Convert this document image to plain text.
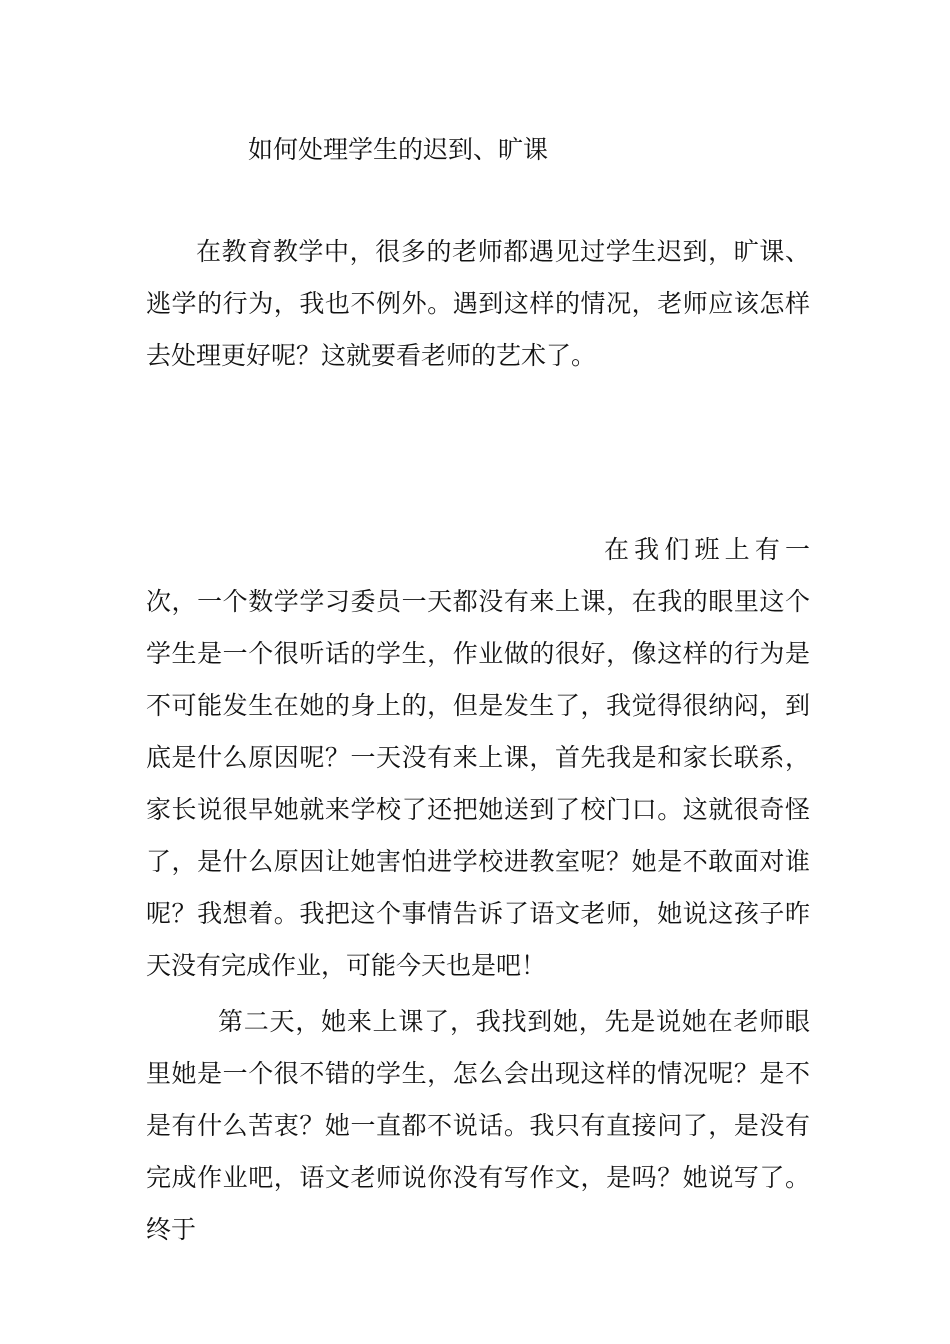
如何处理学生的迟到、旷课

在教育教学中，很多的老师都遇见过学生迟到，旷课、逃学的行为，我也不例外。遇到这样的情况，老师应该怎样去处理更好呢？这就要看老师的艺术了。

在我们班上有一次，一个数学学习委员一天都没有来上课，在我的眼里这个学生是一个很听话的学生，作业做的很好，像这样的行为是不可能发生在她的身上的，但是发生了，我觉得很纳闷，到底是什么原因呢？一天没有来上课，首先我是和家长联系，家长说很早她就来学校了还把她送到了校门口。这就很奇怪了，是什么原因让她害怕进学校进教室呢？她是不敢面对谁呢？我想着。我把这个事情告诉了语文老师，她说这孩子昨天没有完成作业，可能今天也是吧！

第二天，她来上课了，我找到她，先是说她在老师眼里她是一个很不错的学生，怎么会出现这样的情况呢？是不是有什么苦衷？她一直都不说话。我只有直接问了，是没有完成作业吧，语文老师说你没有写作文，是吗？她说写了。终于
